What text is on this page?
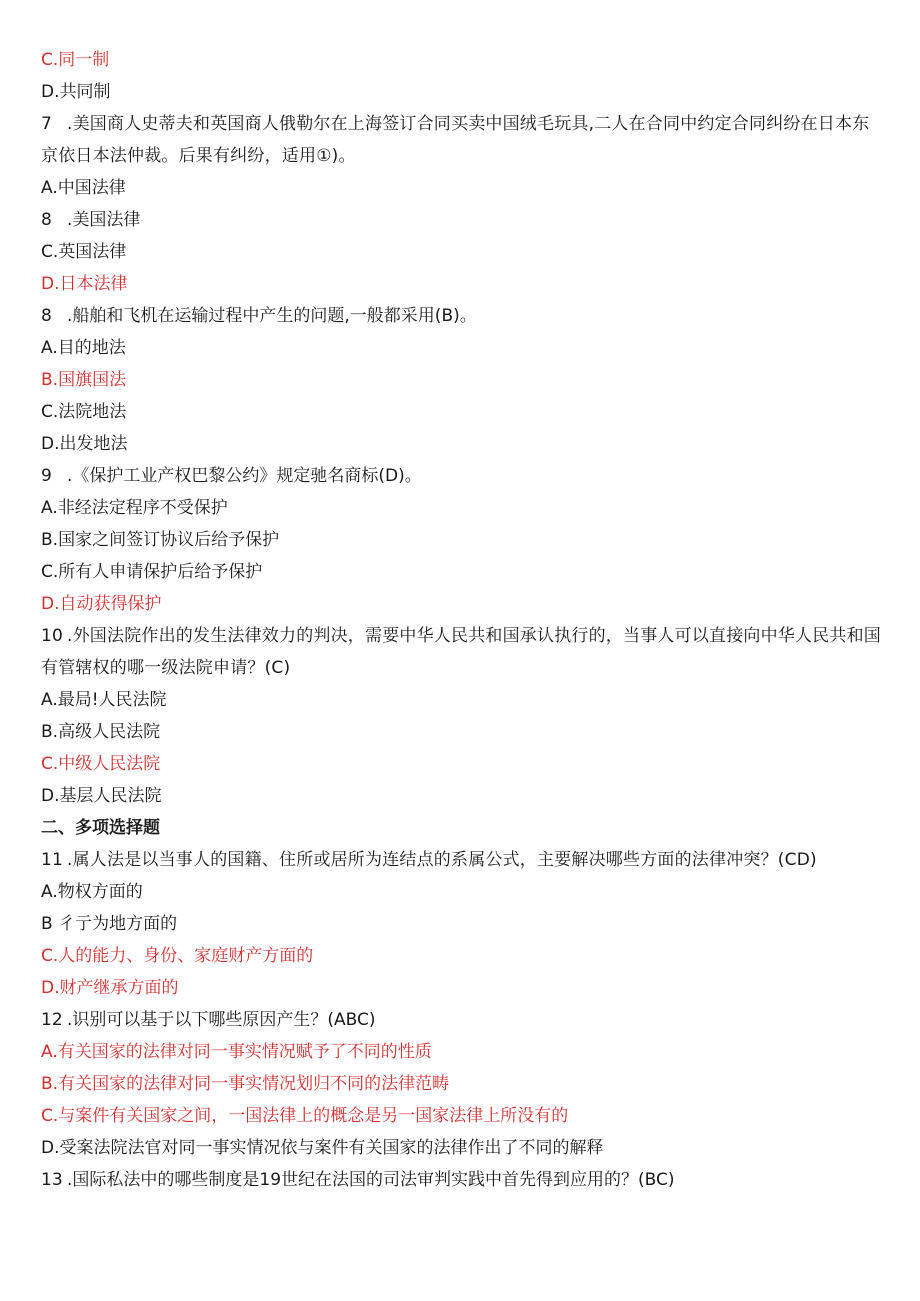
C.同一制
D.共同制
7 .美国商人史蒂夫和英国商人俄勒尔在上海签订合同买卖中国绒毛玩具,二人在合同中约定合同纠纷在日本东京依日本法仲裁。后果有纠纷，适用①)。
A.中国法律
8 .美国法律
C.英国法律
D.日本法律
8 .船舶和飞机在运输过程中产生的问题,一般都采用(B)。
A.目的地法
B.国旗国法
C.法院地法
D.出发地法
9 .《保护工业产权巴黎公约》规定驰名商标(D)。
A.非经法定程序不受保护
B.国家之间签订协议后给予保护
C.所有人申请保护后给予保护
D.自动获得保护
10 .外国法院作出的发生法律效力的判决，需要中华人民共和国承认执行的，当事人可以直接向中华人民共和国有管辖权的哪一级法院申请？(C)
A.最局!人民法院
B.高级人民法院
C.中级人民法院
D.基层人民法院
二、多项选择题
11 .属人法是以当事人的国籍、住所或居所为连结点的系属公式，主要解决哪些方面的法律冲突？(CD)
A.物权方面的
B 彳亍为地方面的
C.人的能力、身份、家庭财产方面的
D.财产继承方面的
12 .识别可以基于以下哪些原因产生？(ABC)
A.有关国家的法律对同一事实情况赋予了不同的性质
B.有关国家的法律对同一事实情况划归不同的法律范畴
C.与案件有关国家之间，一国法律上的概念是另一国家法律上所没有的
D.受案法院法官对同一事实情况依与案件有关国家的法律作出了不同的解释
13 .国际私法中的哪些制度是19世纪在法国的司法审判实践中首先得到应用的？(BC)
